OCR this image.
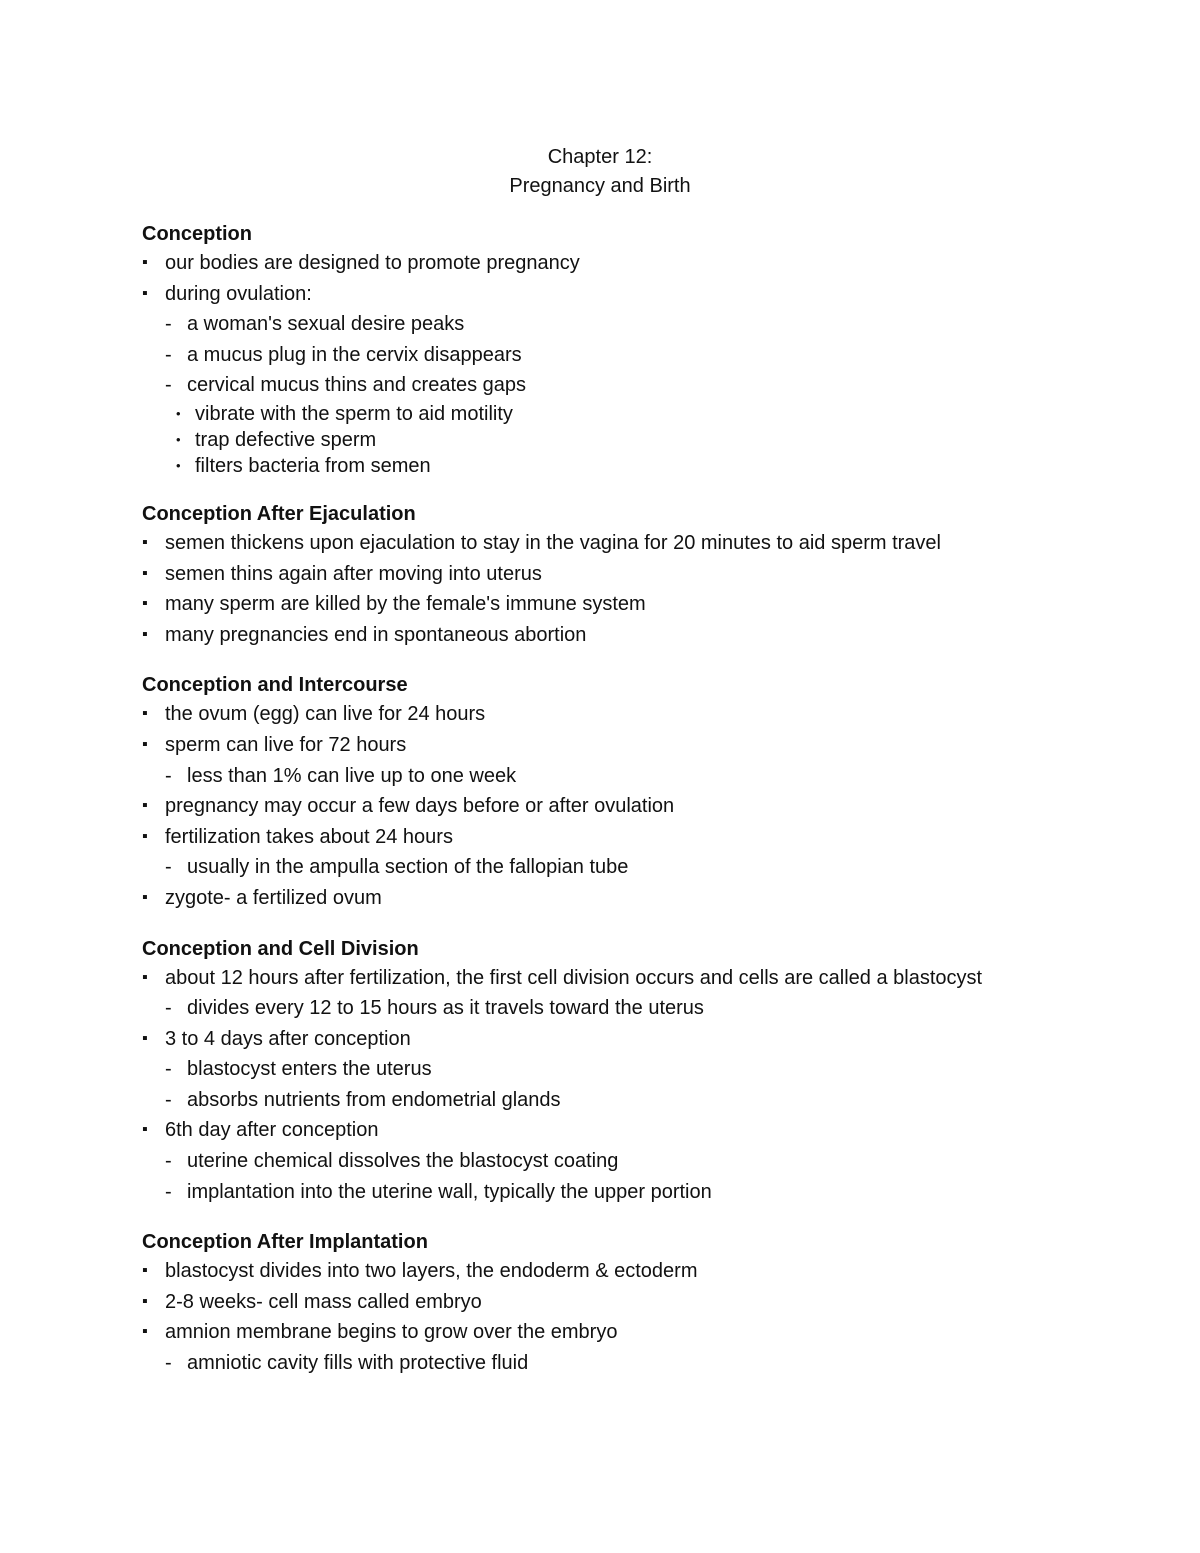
Chapter 12:
Pregnancy and Birth
Conception
▪ our bodies are designed to promote pregnancy
▪ during ovulation:
- a woman's sexual desire peaks
- a mucus plug in the cervix disappears
- cervical mucus thins and creates gaps
• vibrate with the sperm to aid motility
• trap defective sperm
• filters bacteria from semen
Conception After Ejaculation
▪ semen thickens upon ejaculation to stay in the vagina for 20 minutes to aid sperm travel
▪ semen thins again after moving into uterus
▪ many sperm are killed by the female's immune system
▪ many pregnancies end in spontaneous abortion
Conception and Intercourse
▪ the ovum (egg) can live for 24 hours
▪ sperm can live for 72 hours
- less than 1% can live up to one week
▪ pregnancy may occur a few days before or after ovulation
▪ fertilization takes about 24 hours
- usually in the ampulla section of the fallopian tube
▪ zygote- a fertilized ovum
Conception and Cell Division
▪ about 12 hours after fertilization, the first cell division occurs and cells are called a blastocyst
- divides every 12 to 15 hours as it travels toward the uterus
▪ 3 to 4 days after conception
- blastocyst enters the uterus
- absorbs nutrients from endometrial glands
▪ 6th day after conception
- uterine chemical dissolves the blastocyst coating
- implantation into the uterine wall, typically the upper portion
Conception After Implantation
▪ blastocyst divides into two layers, the endoderm & ectoderm
▪ 2-8 weeks- cell mass called embryo
▪ amnion membrane begins to grow over the embryo
- amniotic cavity fills with protective fluid
